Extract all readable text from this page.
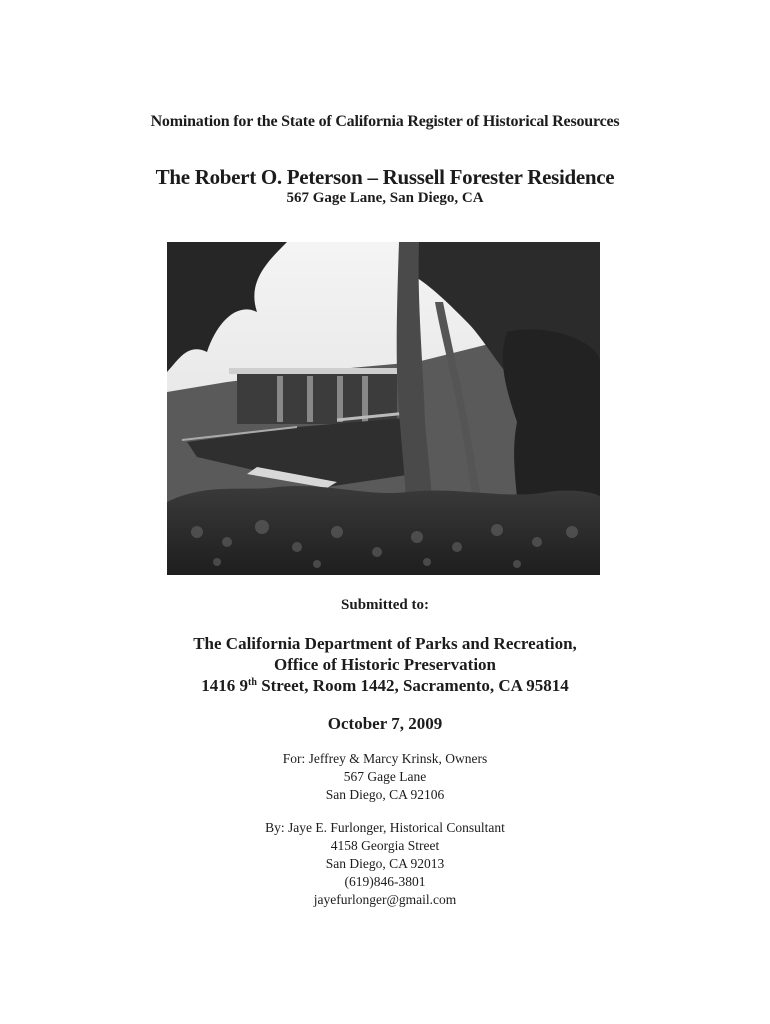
Nomination for the State of California Register of Historical Resources
The Robert O. Peterson – Russell Forester Residence
567 Gage Lane, San Diego, CA
Submitted to:
The California Department of Parks and Recreation,
Office of Historic Preservation
1416 9th Street, Room 1442, Sacramento, CA 95814
October 7, 2009
For: Jeffrey & Marcy Krinsk, Owners
567 Gage Lane
San Diego, CA 92106
By: Jaye E. Furlonger, Historical Consultant
4158 Georgia Street
San Diego, CA 92013
(619)846-3801
jayefurlonger@gmail.com
